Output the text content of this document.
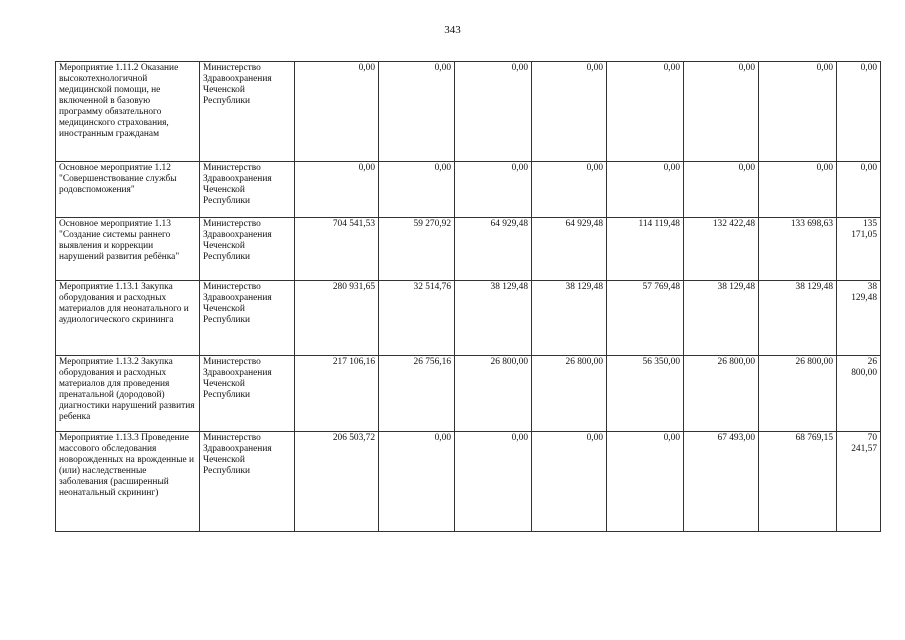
343
Мероприятие 1.11.2 Оказание высокотехнологичной медицинской помощи, не включенной в базовую программу обязательного медицинского страхования, иностранным гражданам	Министерство Здравоохранения Чеченской Республики	0,00	0,00	0,00	0,00	0,00	0,00	0,00	0,00
Основное мероприятие 1.12 "Совершенствование службы родовспоможения"	Министерство Здравоохранения Чеченской Республики	0,00	0,00	0,00	0,00	0,00	0,00	0,00	0,00
Основное мероприятие 1.13 "Создание системы раннего выявления и коррекции нарушений развития ребёнка"	Министерство Здравоохранения Чеченской Республики	704 541,53	59 270,92	64 929,48	64 929,48	114 119,48	132 422,48	133 698,63	135 171,05
Мероприятие 1.13.1 Закупка оборудования и расходных материалов для неонатального и аудиологического скрининга	Министерство Здравоохранения Чеченской Республики	280 931,65	32 514,76	38 129,48	38 129,48	57 769,48	38 129,48	38 129,48	38 129,48
Мероприятие 1.13.2 Закупка оборудования и расходных материалов для проведения пренатальной (дородовой) диагностики нарушений развития ребенка	Министерство Здравоохранения Чеченской Республики	217 106,16	26 756,16	26 800,00	26 800,00	56 350,00	26 800,00	26 800,00	26 800,00
Мероприятие 1.13.3 Проведение массового обследования новорожденных на врожденные и (или) наследственные заболевания (расширенный неонатальный скрининг)	Министерство Здравоохранения Чеченской Республики	206 503,72	0,00	0,00	0,00	0,00	67 493,00	68 769,15	70 241,57
